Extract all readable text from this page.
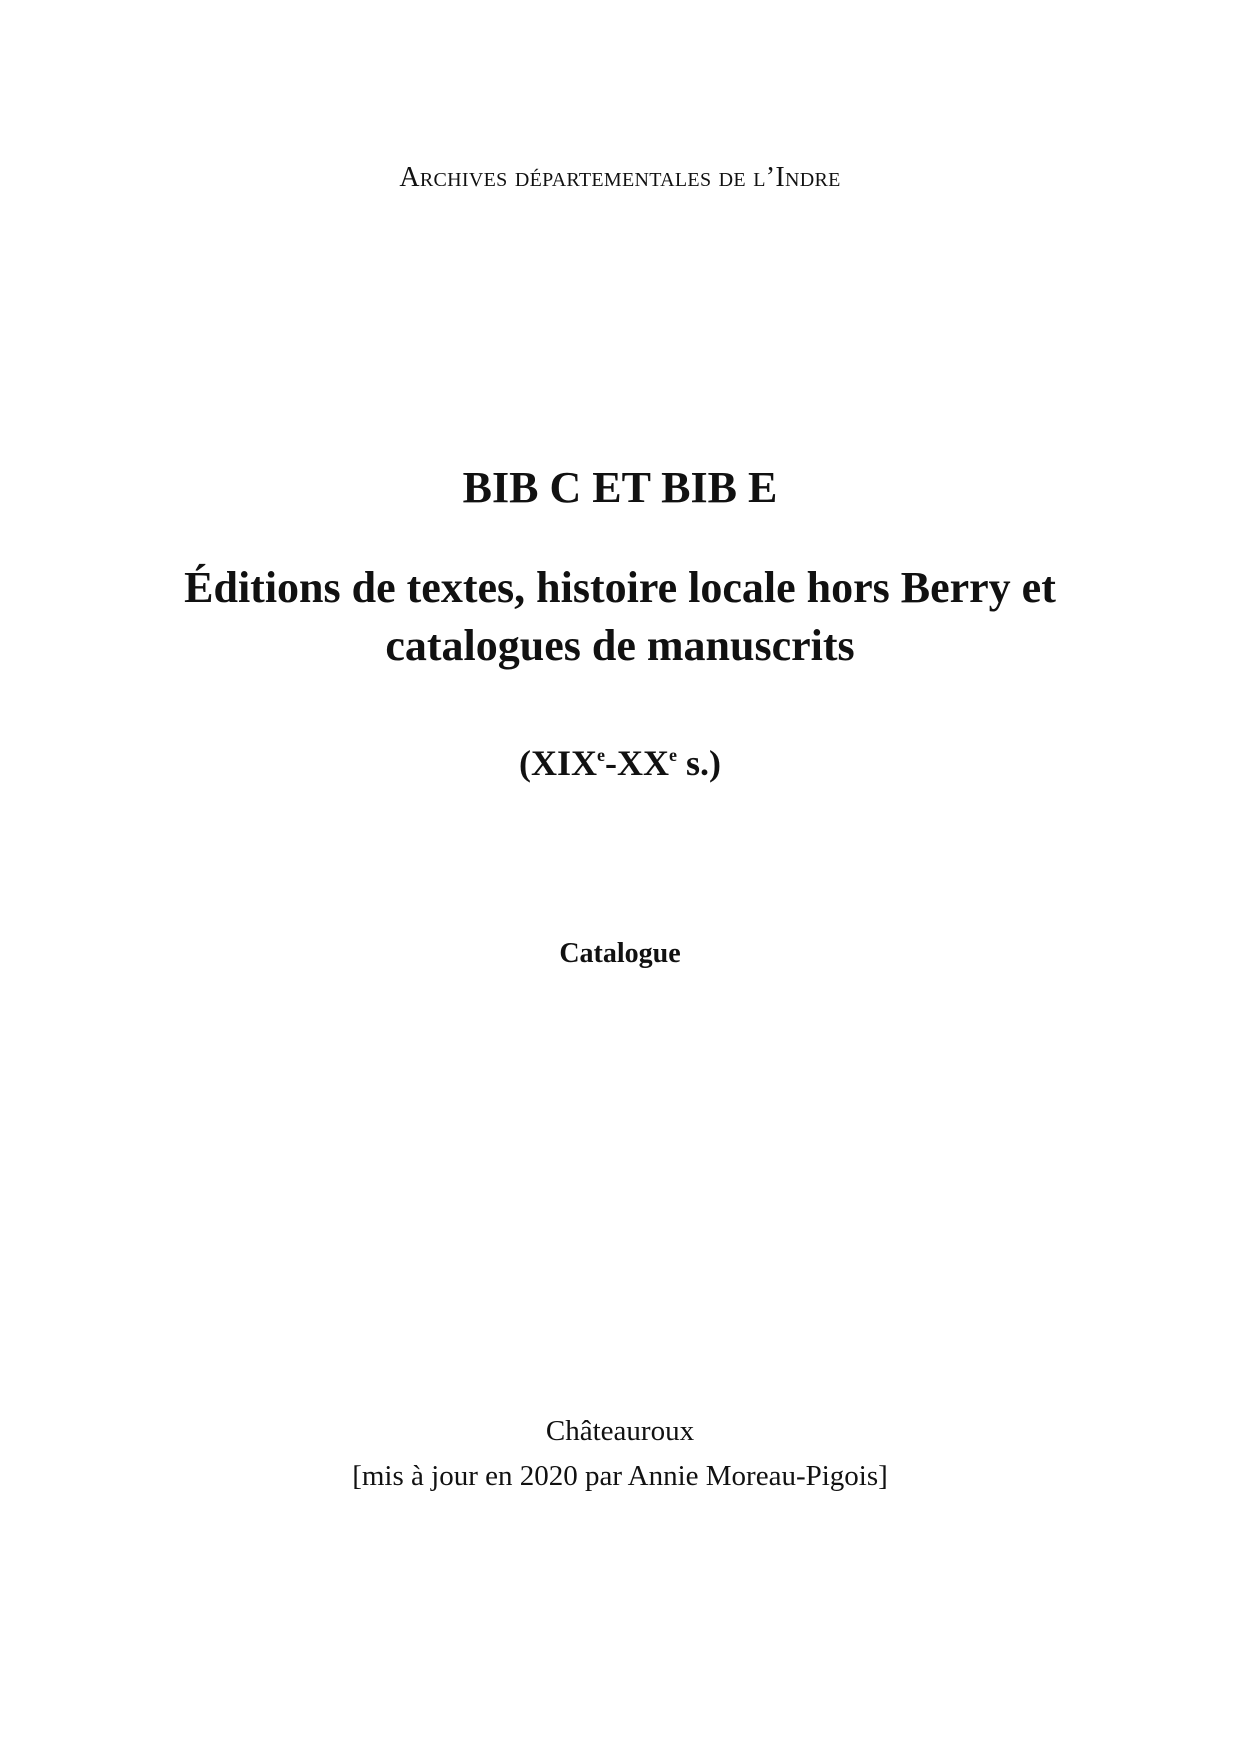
Archives départementales de l’Indre
BIB C ET BIB E
Éditions de textes, histoire locale hors Berry et
catalogues de manuscrits
(XIXe-XXe s.)
Catalogue
Châteauroux
[mis à jour en 2020 par Annie Moreau-Pigois]
